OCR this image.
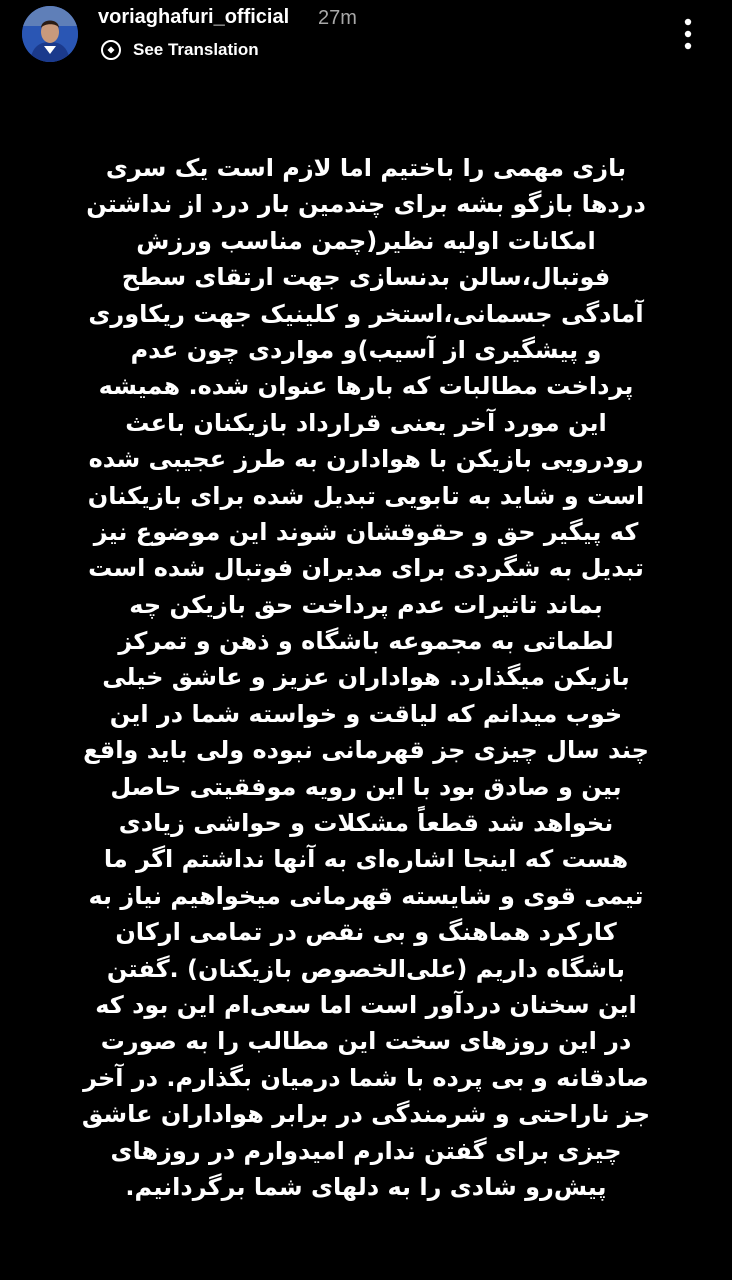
voriaghafuri_official 27m
See Translation
بازی مهمی را باختیم اما لازم است یک سری
دردها بازگو بشه برای چندمین بار درد از نداشتن
امکانات اولیه نظیر(چمن مناسب ورزش
فوتبال،سالن بدنسازی جهت ارتقای سطح
آمادگی جسمانی،استخر و کلینیک جهت ریکاوری
و پیشگیری از آسیب)و مواردی چون عدم
پرداخت مطالبات که بارها عنوان شده. همیشه
این مورد آخر یعنی قرارداد بازیکنان باعث
رودرویی بازیکن با هوادارن به طرز عجیبی شده
است و شاید به تابویی تبدیل شده برای بازیکنان
که پیگیر حق و حقوقشان شوند این موضوع نیز
تبدیل به شگردی برای مدیران فوتبال شده است
بماند تاثیرات عدم پرداخت حق بازیکن چه
لطماتی به مجموعه باشگاه و ذهن و تمرکز
بازیکن میگذارد. هواداران عزیز و عاشق خیلی
خوب میدانم که لیاقت و خواسته شما در این
چند سال چیزی جز قهرمانی نبوده ولی باید واقع
بین و صادق بود با این رویه موفقیتی حاصل
نخواهد شد قطعاً مشکلات و حواشی زیادی
هست که اینجا اشاره‌ای به آنها نداشتم اگر ما
تیمی قوی و شایسته قهرمانی میخواهیم نیاز به
کارکرد هماهنگ و بی نقص در تمامی ارکان
باشگاه داریم (علی‌الخصوص بازیکنان) .گفتن
این سخنان دردآور است اما سعی‌ام این بود که
در این روزهای سخت این مطالب را به صورت
صادقانه و بی پرده با شما درمیان بگذارم. در آخر
جز ناراحتی و شرمندگی در برابر هواداران عاشق
چیزی برای گفتن ندارم امیدوارم در روزهای
پیش‌رو شادی را به دلهای شما برگردانیم.
